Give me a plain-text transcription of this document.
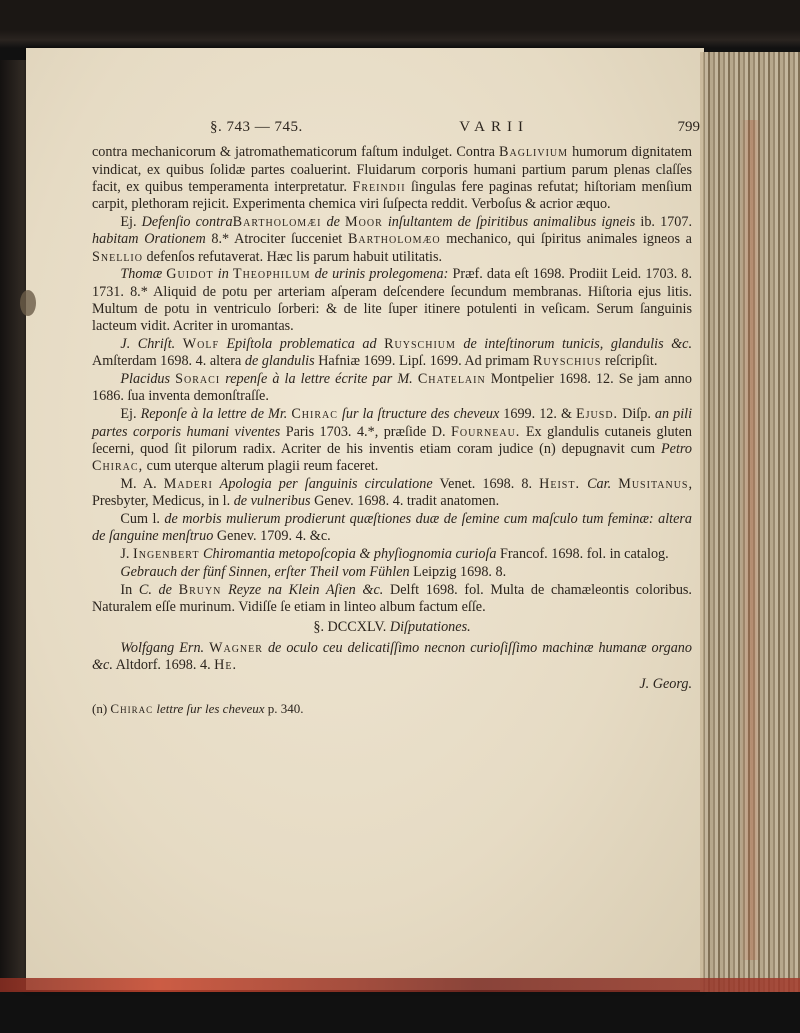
§. 743 — 745.	VARII	799

contra mechanicorum & jatromathematicorum faſtum indulget. Contra Baglivium humorum dignitatem vindicat, ex quibus ſolidæ partes coaluerint. Fluidarum corporis humani partium parum plenas claſſes facit, ex quibus temperamenta interpretatur. Freindii ſingulas fere paginas refutat; hiſtoriam menſium carpit, plethoram rejicit. Experimenta chemica viri ſuſpecta reddit. Verboſus & acrior æquo.

Ej. Defenſio contraBartholomæi de Moor inſultantem de ſpiritibus animalibus igneis ib. 1707. habitam Orationem 8.* Atrociter ſucceniet Bartholomæo mechanico, qui ſpiritus animales igneos a Snellio defenſos refutaverat. Hæc lis parum habuit utilitatis.

Thomæ Guidot in Theophilum de urinis prolegomena: Præf. data eſt 1698. Prodiit Leid. 1703. 8. 1731. 8.* Aliquid de potu per arteriam aſperam deſcendere ſecundum membranas. Hiſtoria ejus litis. Multum de potu in ventriculo ſorberi: & de lite ſuper itinere potulenti in veſicam. Serum ſanguinis lacteum vidit. Acriter in uromantas.

J. Chriſt. Wolf Epiſtola problematica ad Ruyschium de inteſtinorum tunicis, glandulis &c. Amſterdam 1698. 4. altera de glandulis Hafniæ 1699. Lipſ. 1699. Ad primam Ruyschius reſcripſit.

Placidus Soraci repenſe à la lettre écrite par M. Chatelain Montpelier 1698. 12. Se jam anno 1686. ſua inventa demonſtraſſe.

Ej. Reponſe à la lettre de Mr. Chirac ſur la ſtructure des cheveux 1699. 12. & Ejusd. Diſp. an pili partes corporis humani viventes Paris 1703. 4.*, præſide D. Fourneau. Ex glandulis cutaneis gluten ſecerni, quod ſit pilorum radix. Acriter de his inventis etiam coram judice (n) depugnavit cum Petro Chirac, cum uterque alterum plagii reum faceret.

M. A. Maderi Apologia per ſanguinis circulatione Venet. 1698. 8. Heist. Car. Musitanus, Presbyter, Medicus, in l. de vulneribus Genev. 1698. 4. tradit anatomen.

Cum l. de morbis mulierum prodierunt quæſtiones duæ de ſemine cum maſculo tum feminæ: altera de ſanguine menſtruo Genev. 1709. 4. &c.

J. Ingenbert Chiromantia metopoſcopia & phyſiognomia curioſa Francof. 1698. fol. in catalog.

Gebrauch der fünf Sinnen, erſter Theil vom Fühlen Leipzig 1698. 8.

In C. de Bruyn Reyze na Klein Aſien &c. Delft 1698. fol. Multa de chamæleontis coloribus. Naturalem eſſe murinum. Vidiſſe ſe etiam in linteo album factum eſſe.

§. DCCXLV. Diſputationes.

Wolfgang Ern. Wagner de oculo ceu delicatiſſimo necnon curioſiſſimo machinæ humanæ organo &c. Altdorf. 1698. 4. He.

J. Georg.

(n) Chirac lettre ſur les cheveux p. 340.
